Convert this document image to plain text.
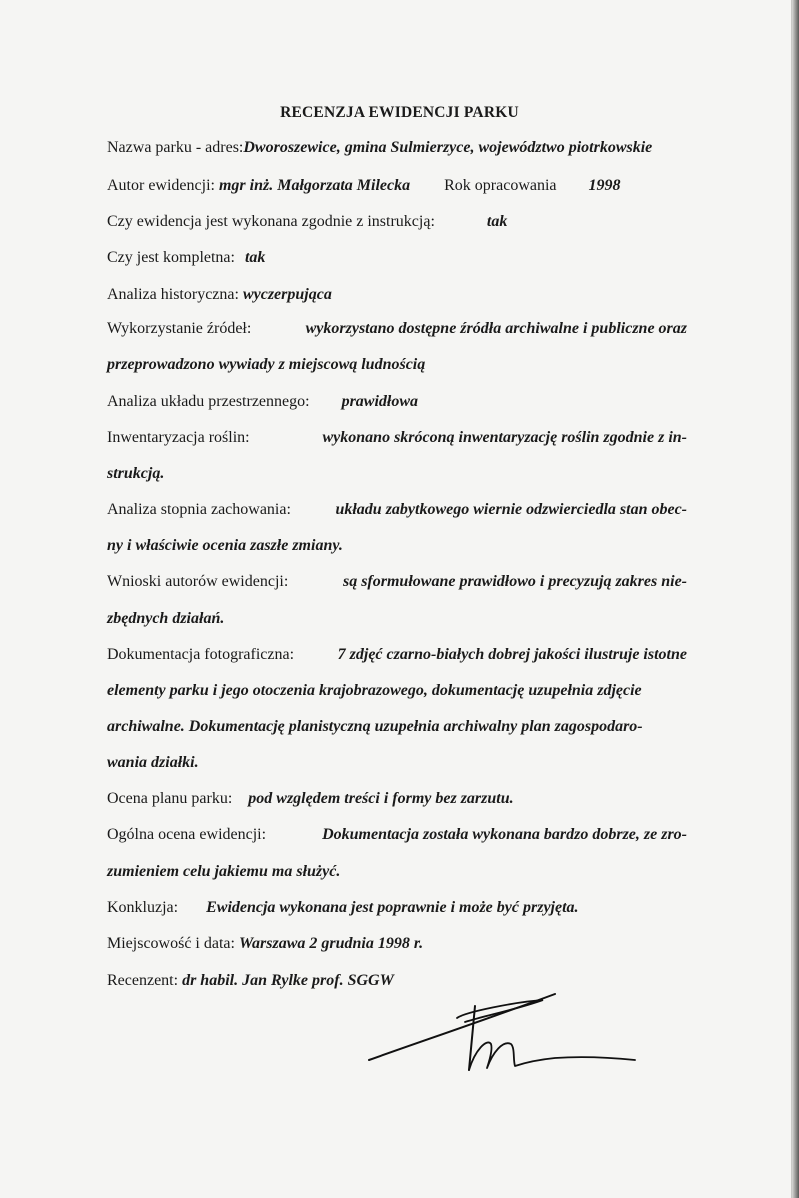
RECENZJA EWIDENCJI PARKU
Nazwa parku - adres:Dworoszewice, gmina Sulmierzyce, województwo piotrkowskie
Autor ewidencji: mgr inż. Małgorzata Milecka Rok opracowania 1998
Czy ewidencja jest wykonana zgodnie z instrukcją:	tak
Czy jest kompletna: tak
Analiza historyczna: wyczerpująca
Wykorzystanie źródeł:	wykorzystano dostępne źródła archiwalne i publiczne oraz
przeprowadzono wywiady z miejscową ludnością
Analiza układu przestrzennego: prawidłowa
Inwentaryzacja roślin:	wykonano skróconą inwentaryzację roślin zgodnie z in-
strukcją.
Analiza stopnia zachowania:	układu zabytkowego wiernie odzwierciedla stan obec-
ny i właściwie ocenia zaszłe zmiany.
Wnioski autorów ewidencji:	są sformułowane prawidłowo i precyzują zakres nie-
zbędnych działań.
Dokumentacja fotograficzna:	7 zdjęć czarno-białych dobrej jakości ilustruje istotne
elementy parku i jego otoczenia krajobrazowego, dokumentację uzupełnia zdjęcie
archiwalne. Dokumentację planistyczną uzupełnia archiwalny plan zagospodaro-
wania działki.
Ocena planu parku: pod względem treści i formy bez zarzutu.
Ogólna ocena ewidencji:	Dokumentacja została wykonana bardzo dobrze, ze zro-
zumieniem celu jakiemu ma służyć.
Konkluzja: Ewidencja wykonana jest poprawnie i może być przyjęta.
Miejscowość i data: Warszawa 2 grudnia 1998 r.
Recenzent: dr habil. Jan Rylke prof. SGGW
